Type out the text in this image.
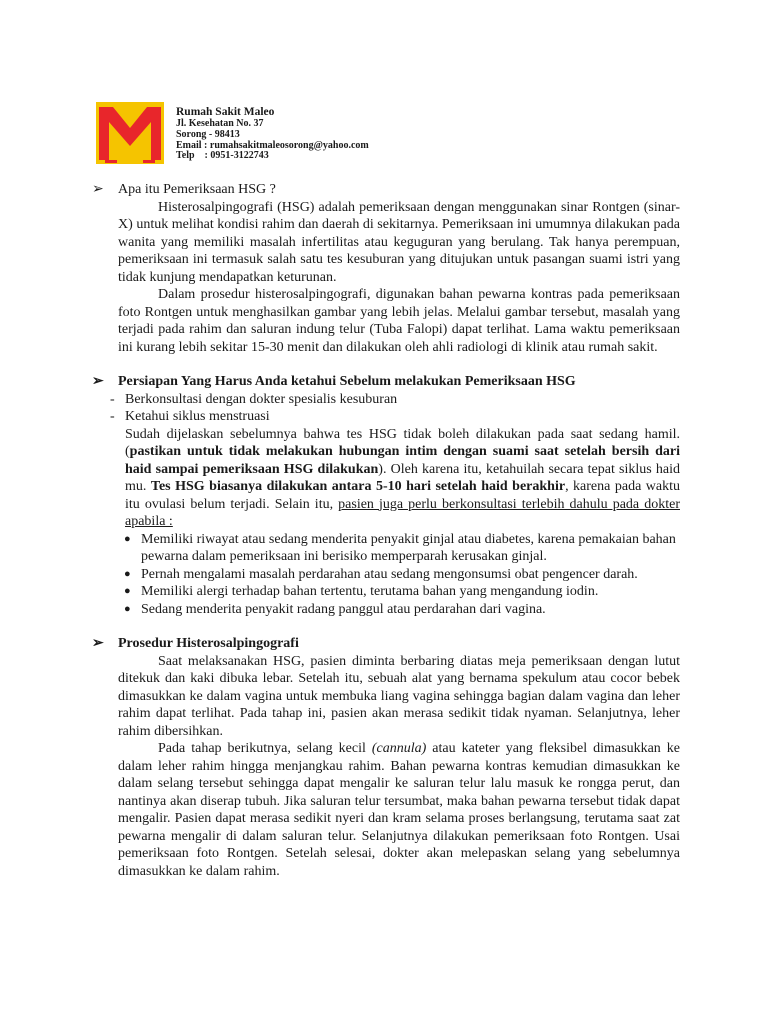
Rumah Sakit Maleo
Jl. Kesehatan No. 37
Sorong - 98413
Email : rumahsakitmaleosorong@yahoo.com
Telp    : 0951-3122743
➢ Apa itu Pemeriksaan HSG ?

Histerosalpingografi (HSG) adalah pemeriksaan dengan menggunakan sinar Rontgen (sinar-X) untuk melihat kondisi rahim dan daerah di sekitarnya. Pemeriksaan ini umumnya dilakukan pada wanita yang memiliki masalah infertilitas atau keguguran yang berulang. Tak hanya perempuan, pemeriksaan ini termasuk salah satu tes kesuburan yang ditujukan untuk pasangan suami istri yang tidak kunjung mendapatkan keturunan.

Dalam prosedur histerosalpingografi, digunakan bahan pewarna kontras pada pemeriksaan foto Rontgen untuk menghasilkan gambar yang lebih jelas. Melalui gambar tersebut, masalah yang terjadi pada rahim dan saluran indung telur (Tuba Falopi) dapat terlihat. Lama waktu pemeriksaan ini kurang lebih sekitar 15-30 menit dan dilakukan oleh ahli radiologi di klinik atau rumah sakit.

➢ Persiapan Yang Harus Anda ketahui Sebelum melakukan Pemeriksaan HSG
- Berkonsultasi dengan dokter spesialis kesuburan
- Ketahui siklus menstruasi

Sudah dijelaskan sebelumnya bahwa tes HSG tidak boleh dilakukan pada saat sedang hamil. (pastikan untuk tidak melakukan hubungan intim dengan suami saat setelah bersih dari haid sampai pemeriksaan HSG dilakukan). Oleh karena itu, ketahuilah secara tepat siklus haid mu. Tes HSG biasanya dilakukan antara 5-10 hari setelah haid berakhir, karena pada waktu itu ovulasi belum terjadi. Selain itu, pasien juga perlu berkonsultasi terlebih dahulu pada dokter apabila :

● Memiliki riwayat atau sedang menderita penyakit ginjal atau diabetes, karena pemakaian bahan pewarna dalam pemeriksaan ini berisiko memperparah kerusakan ginjal.
● Pernah mengalami masalah perdarahan atau sedang mengonsumsi obat pengencer darah.
● Memiliki alergi terhadap bahan tertentu, terutama bahan yang mengandung iodin.
● Sedang menderita penyakit radang panggul atau perdarahan dari vagina.
➢ Prosedur Histerosalpingografi

Saat melaksanakan HSG, pasien diminta berbaring diatas meja pemeriksaan dengan lutut ditekuk dan kaki dibuka lebar. Setelah itu, sebuah alat yang bernama spekulum atau cocor bebek dimasukkan ke dalam vagina untuk membuka liang vagina sehingga bagian dalam vagina dan leher rahim dapat terlihat. Pada tahap ini, pasien akan merasa sedikit tidak nyaman. Selanjutnya, leher rahim dibersihkan.

Pada tahap berikutnya, selang kecil (cannula) atau kateter yang fleksibel dimasukkan ke dalam leher rahim hingga menjangkau rahim. Bahan pewarna kontras kemudian dimasukkan ke dalam selang tersebut sehingga dapat mengalir ke saluran telur lalu masuk ke rongga perut, dan nantinya akan diserap tubuh. Jika saluran telur tersumbat, maka bahan pewarna tersebut tidak dapat mengalir. Pasien dapat merasa sedikit nyeri dan kram selama proses berlangsung, terutama saat zat pewarna mengalir di dalam saluran telur. Selanjutnya dilakukan pemeriksaan foto Rontgen. Usai pemeriksaan foto Rontgen. Setelah selesai, dokter akan melepaskan selang yang sebelumnya dimasukkan ke dalam rahim.
